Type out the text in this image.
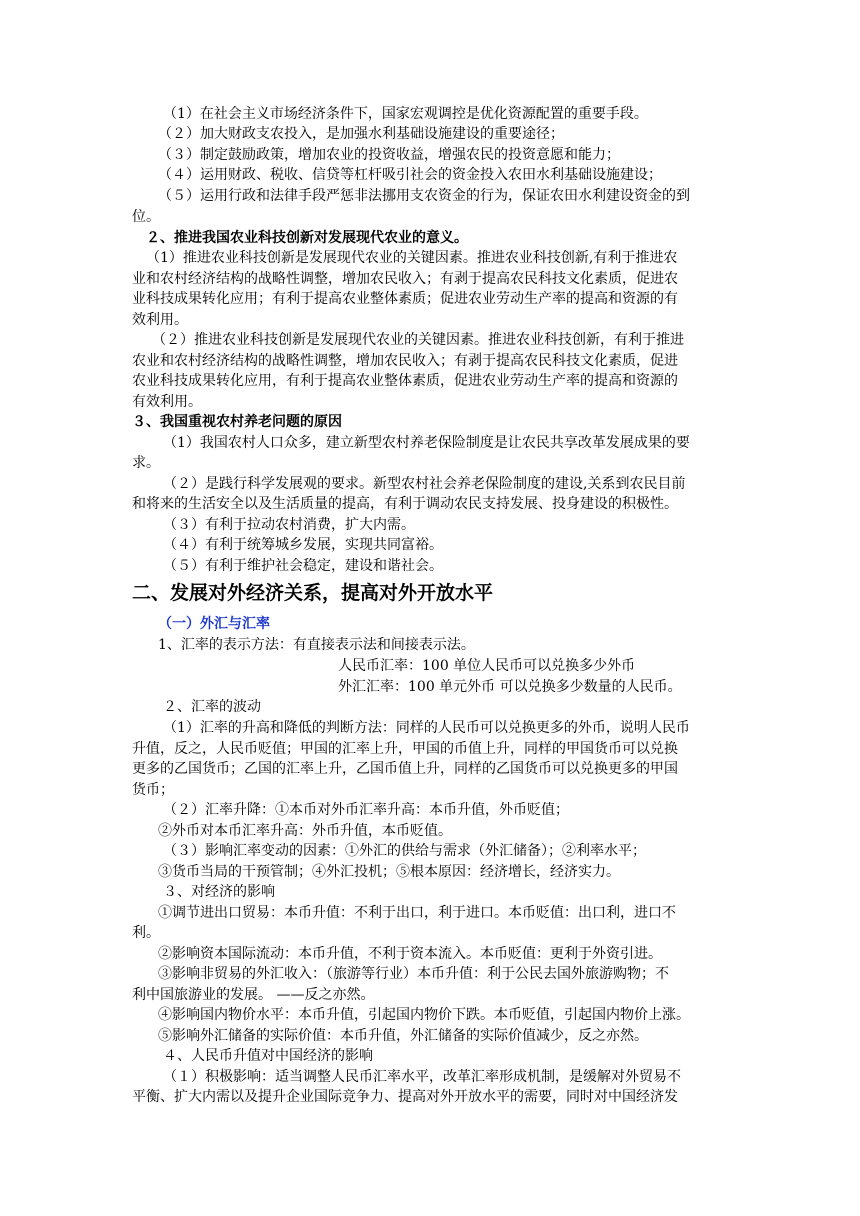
（1）在社会主义市场经济条件下，国家宏观调控是优化资源配置的重要手段。
（２）加大财政支农投入，是加强水利基础设施建设的重要途径；
（３）制定鼓励政策，增加农业的投资收益，增强农民的投资意愿和能力；
（４）运用财政、税收、信贷等杠杆吸引社会的资金投入农田水利基础设施建设；
（５）运用行政和法律手段严惩非法挪用支农资金的行为，保证农田水利建设资金的到
位。
２、推进我国农业科技创新对发展现代农业的意义。
（1）推进农业科技创新是发展现代农业的关键因素。推进农业科技创新,有利于推进农
业和农村经济结构的战略性调整，增加农民收入；有剥于提高农民科技文化素质，促进农
业科技成果转化应用；有利于提高农业整体素质；促进农业劳动生产率的提高和资源的有
效利用。
（２）推进农业科技创新是发展现代农业的关键因素。推进农业科技创新，有利于推进
农业和农村经济结构的战略性调整，增加农民收入；有剥于提高农民科技文化素质，促进
农业科技成果转化应用，有利于提高农业整体素质，促进农业劳动生产率的提高和资源的
有效利用。
３、我国重视农村养老问题的原因
（1）我国农村人口众多，建立新型农村养老保险制度是让农民共享改革发展成果的要
求。
（２）是践行科学发展观的要求。新型农村社会养老保险制度的建设,关系到农民目前
和将来的生活安全以及生活质量的提高，有利于调动农民支持发展、投身建设的积极性。
（３）有利于拉动农村消费，扩大内需。
（４）有利于统筹城乡发展，实现共同富裕。
（５）有利于维护社会稳定，建设和谐社会。
二、发展对外经济关系，提高对外开放水平
（一）外汇与汇率
1、汇率的表示方法：有直接表示法和间接表示法。
人民币汇率：100 单位人民币可以兑换多少外币
外汇汇率：100 单元外币 可以兑换多少数量的人民币。
２、汇率的波动
（1）汇率的升高和降低的判断方法：同样的人民币可以兑换更多的外币，说明人民币
升值，反之，人民币贬值；甲国的汇率上升，甲国的币值上升，同样的甲国货币可以兑换
更多的乙国货币；乙国的汇率上升，乙国币值上升，同样的乙国货币可以兑换更多的甲国
货币；
（２）汇率升降：①本币对外币汇率升高：本币升值，外币贬值；
②外币对本币汇率升高：外币升值，本币贬值。
（３）影响汇率变动的因素：①外汇的供给与需求（外汇储备）；②利率水平；
③货币当局的干预管制；④外汇投机；⑤根本原因：经济增长，经济实力。
３、对经济的影响
①调节进出口贸易：本币升值：不利于出口，利于进口。本币贬值：出口利，进口不
利。
②影响资本国际流动：本币升值，不利于资本流入。本币贬值：更利于外资引进。
③影响非贸易的外汇收入：（旅游等行业）本币升值：利于公民去国外旅游购物；不
利中国旅游业的发展。 ——反之亦然。
④影响国内物价水平：本币升值，引起国内物价下跌。本币贬值，引起国内物价上涨。
⑤影响外汇储备的实际价值：本币升值，外汇储备的实际价值减少，反之亦然。
４、人民币升值对中国经济的影响
（１）积极影响：适当调整人民币汇率水平，改革汇率形成机制，是缓解对外贸易不
平衡、扩大内需以及提升企业国际竞争力、提高对外开放水平的需要，同时对中国经济发
